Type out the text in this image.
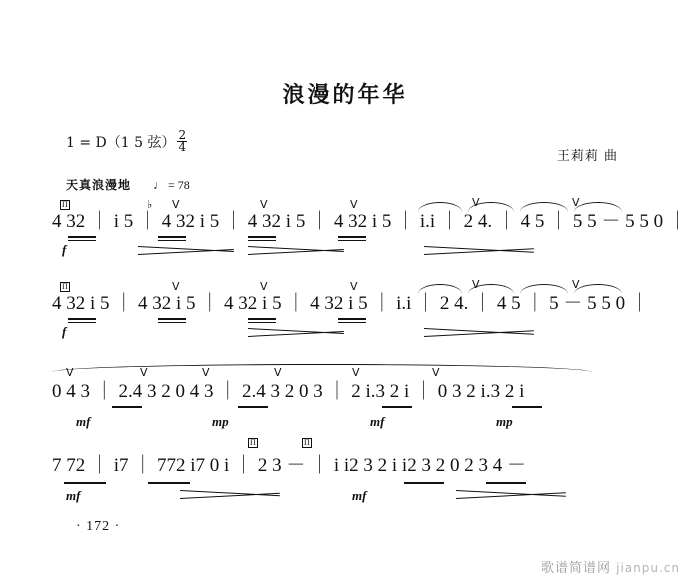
浪漫的年华
1 = D（1 5 弦） $\frac{2}{4}$
王莉莉 曲
天真浪漫地 ♩ = 78
4 32 ｜ i 5 ｜ 4 32 i 5 ｜ 4 32 i 5 ｜ 4 32 i 5 ｜ i.i ｜ 2 4. ｜ 4 5 ｜ 5 5 － 5 5 0 ｜
f
П	♭ V	V	V	V	V
4 32 i 5 ｜ 4 32 i 5 ｜ 4 32 i 5 ｜ 4 32 i 5 ｜ i.i ｜ 2 4. ｜ 4 5 ｜ 5 － 5 5 0 ｜
f
П	V	V	V	V	V
0 4 3 ｜ 2.4 3 2 0 4 3 ｜ 2.4 3 2 0 3 ｜ 2 i.3 2 i ｜ 0 3 2 i.3 2 i
mf	mp	mf	mp
V	V	V	V	V	V
7 72 ｜ i7 ｜ 772 i7 0 i ｜ 2 3 － ｜ i i2 3 2 i i2 3 2 0 2 3 4 －
mf	mf
П	П
· 172 ·
歌谱简谱网 jianpu.cn
